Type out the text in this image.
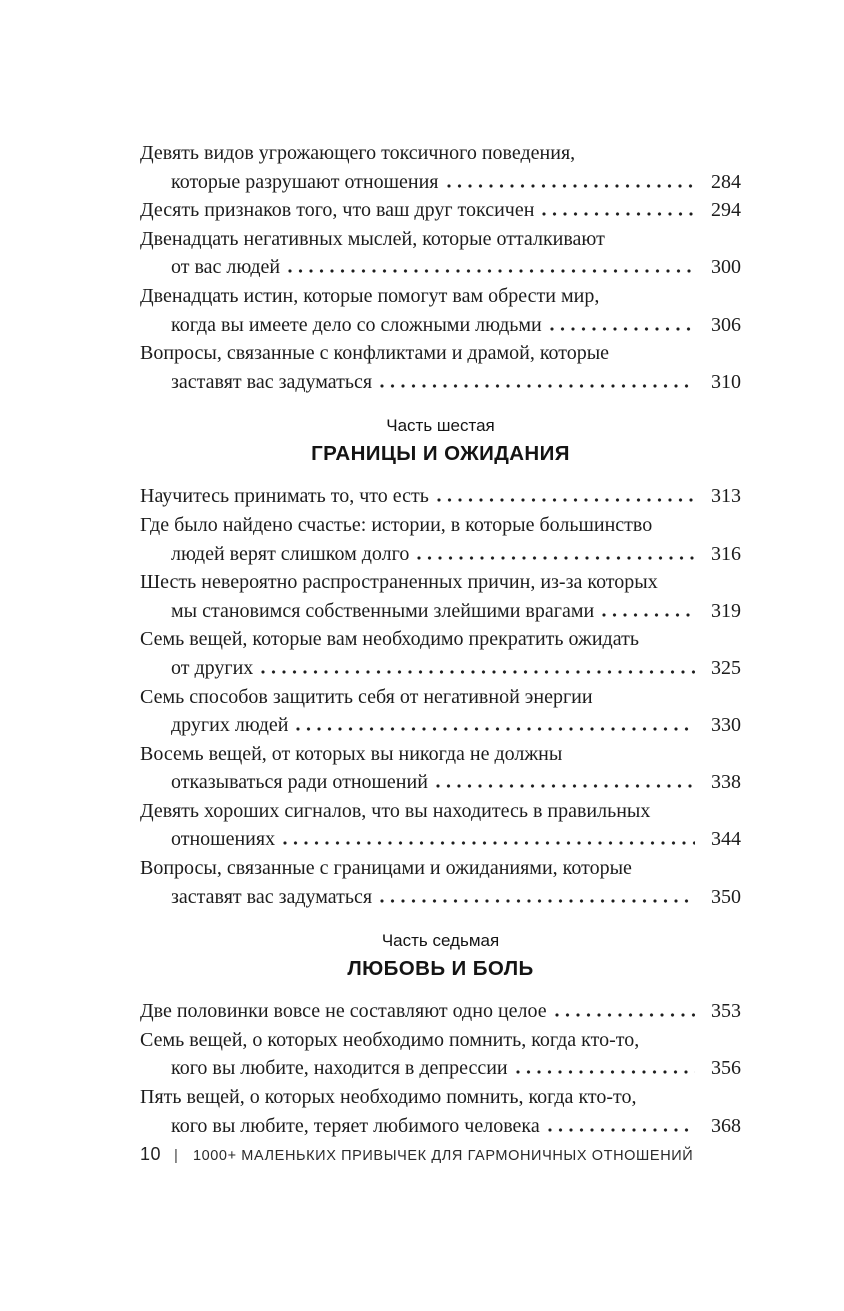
Девять видов угрожающего токсичного поведения,
которые разрушают отношения	284
Десять признаков того, что ваш друг токсичен	294
Двенадцать негативных мыслей, которые отталкивают
от вас людей	300
Двенадцать истин, которые помогут вам обрести мир,
когда вы имеете дело со сложными людьми	306
Вопросы, связанные с конфликтами и драмой, которые
заставят вас задуматься	310
Часть шестая
ГРАНИЦЫ И ОЖИДАНИЯ
Научитесь принимать то, что есть	313
Где было найдено счастье: истории, в которые большинство
людей верят слишком долго	316
Шесть невероятно распространенных причин, из-за которых
мы становимся собственными злейшими врагами	319
Семь вещей, которые вам необходимо прекратить ожидать
от других	325
Семь способов защитить себя от негативной энергии
других людей	330
Восемь вещей, от которых вы никогда не должны
отказываться ради отношений	338
Девять хороших сигналов, что вы находитесь в правильных
отношениях	344
Вопросы, связанные с границами и ожиданиями, которые
заставят вас задуматься	350
Часть седьмая
ЛЮБОВЬ И БОЛЬ
Две половинки вовсе не составляют одно целое	353
Семь вещей, о которых необходимо помнить, когда кто-то,
кого вы любите, находится в депрессии	356
Пять вещей, о которых необходимо помнить, когда кто-то,
кого вы любите, теряет любимого человека	368
10 | 1000+ МАЛЕНЬКИХ ПРИВЫЧЕК ДЛЯ ГАРМОНИЧНЫХ ОТНОШЕНИЙ
